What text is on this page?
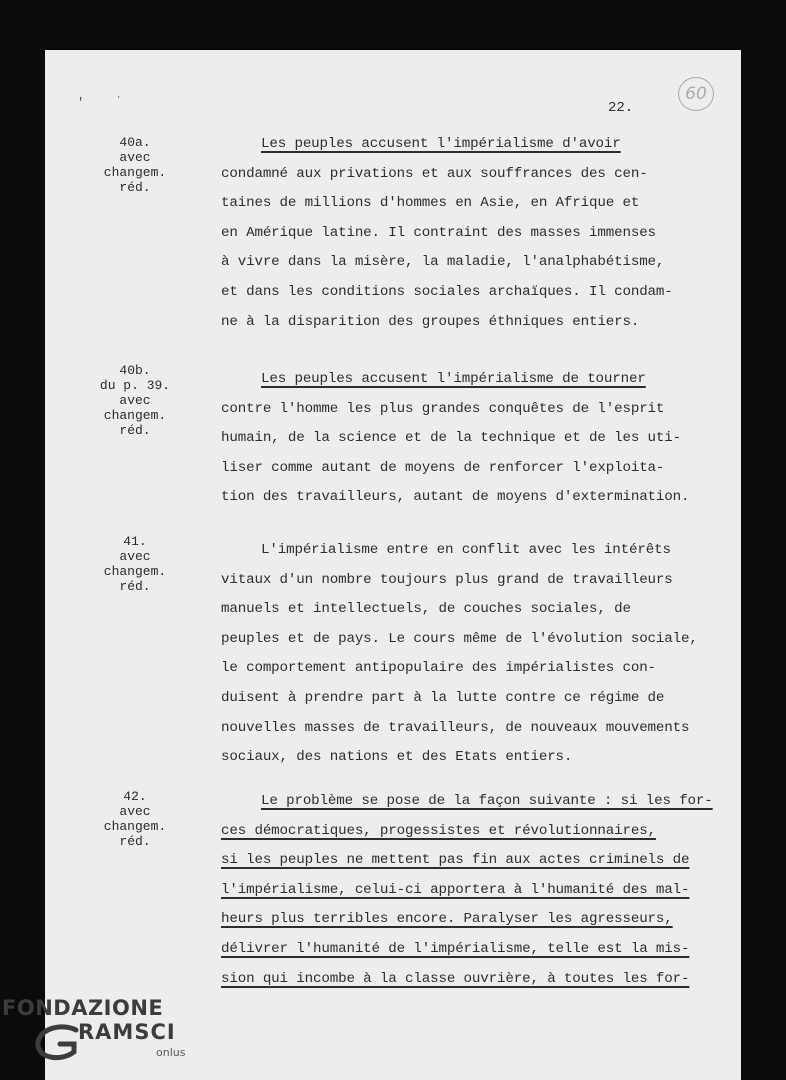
'	˙	22.
60
40a.
avec
changem.
réd.
Les peuples accusent l'impérialisme d'avoir
condamné aux privations et aux souffrances des cen-
taines de millions d'hommes en Asie, en Afrique et
en Amérique latine. Il contraint des masses immenses
à vivre dans la misère, la maladie, l'analphabétisme,
et dans les conditions sociales archaïques. Il condam-
ne à la disparition des groupes éthniques entiers.
40b.
du p. 39.
avec
changem.
réd.
Les peuples accusent l'impérialisme de tourner
contre l'homme les plus grandes conquêtes de l'esprit
humain, de la science et de la technique et de les uti-
liser comme autant de moyens de renforcer l'exploita-
tion des travailleurs, autant de moyens d'extermination.
41.
avec
changem.
réd.
L'impérialisme entre en conflit avec les intérêts
vitaux d'un nombre toujours plus grand de travailleurs
manuels et intellectuels, de couches sociales, de
peuples et de pays. Le cours même de l'évolution sociale,
le comportement antipopulaire des impérialistes con-
duisent à prendre part à la lutte contre ce régime de
nouvelles masses de travailleurs, de nouveaux mouvements
sociaux, des nations et des Etats entiers.
42.
avec
changem.
réd.
Le problème se pose de la façon suivante : si les for-
ces démocratiques, progessistes et révolutionnaires,
si les peuples ne mettent pas fin aux actes criminels de
l'impérialisme, celui-ci apportera à l'humanité des mal-
heurs plus terribles encore. Paralyser les agresseurs,
délivrer l'humanité de l'impérialisme, telle est la mis-
sion qui incombe à la classe ouvrière, à toutes les for-
FONDAZIONE
RAMSCI
onlus
